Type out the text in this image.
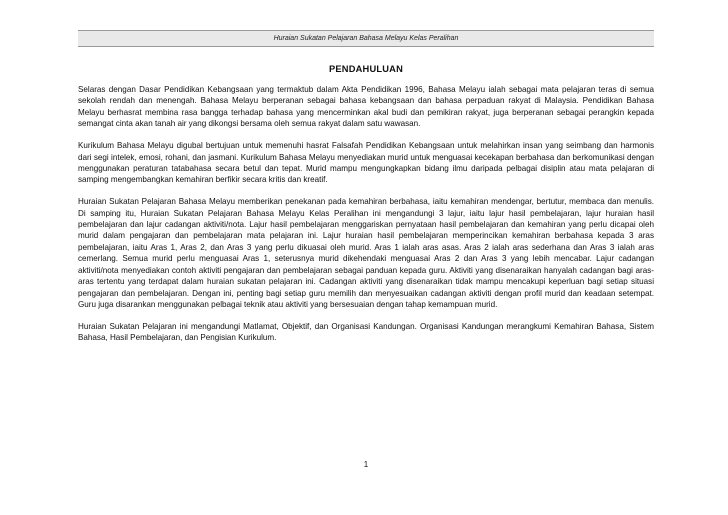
Huraian Sukatan Pelajaran Bahasa Melayu Kelas Peralihan
PENDAHULUAN

Selaras dengan Dasar Pendidikan Kebangsaan yang termaktub dalam Akta Pendidikan 1996, Bahasa Melayu ialah sebagai mata pelajaran teras di semua sekolah rendah dan menengah. Bahasa Melayu berperanan sebagai bahasa kebangsaan dan bahasa perpaduan rakyat di Malaysia. Pendidikan Bahasa Melayu berhasrat membina rasa bangga terhadap bahasa yang mencerminkan akal budi dan pemikiran rakyat, juga berperanan sebagai perangkin kepada semangat cinta akan tanah air yang dikongsi bersama oleh semua rakyat dalam satu wawasan.

Kurikulum Bahasa Melayu digubal bertujuan untuk memenuhi hasrat Falsafah Pendidikan Kebangsaan untuk melahirkan insan yang seimbang dan harmonis dari segi intelek, emosi, rohani, dan jasmani. Kurikulum Bahasa Melayu menyediakan murid untuk menguasai kecekapan berbahasa dan berkomunikasi dengan menggunakan peraturan tatabahasa secara betul dan tepat. Murid mampu mengungkapkan bidang ilmu daripada pelbagai disiplin atau mata pelajaran di samping mengembangkan kemahiran berfikir secara kritis dan kreatif.

Huraian Sukatan Pelajaran Bahasa Melayu memberikan penekanan pada kemahiran berbahasa, iaitu kemahiran mendengar, bertutur, membaca dan menulis. Di samping itu, Huraian Sukatan Pelajaran Bahasa Melayu Kelas Peralihan ini mengandungi 3 lajur, iaitu lajur hasil pembelajaran, lajur huraian hasil pembelajaran dan lajur cadangan aktiviti/nota. Lajur hasil pembelajaran menggariskan pernyataan hasil pembelajaran dan kemahiran yang perlu dicapai oleh murid dalam pengajaran dan pembelajaran mata pelajaran ini. Lajur huraian hasil pembelajaran memperincikan kemahiran berbahasa kepada 3 aras pembelajaran, iaitu Aras 1, Aras 2, dan Aras 3 yang perlu dikuasai oleh murid. Aras 1 ialah aras asas. Aras 2 ialah aras sederhana dan Aras 3 ialah aras cemerlang. Semua murid perlu menguasai Aras 1, seterusnya murid dikehendaki menguasai Aras 2 dan Aras 3 yang lebih mencabar. Lajur cadangan aktiviti/nota menyediakan contoh aktiviti pengajaran dan pembelajaran sebagai panduan kepada guru. Aktiviti yang disenaraikan hanyalah cadangan bagi aras-aras tertentu yang terdapat dalam huraian sukatan pelajaran ini. Cadangan aktiviti yang disenaraikan tidak mampu mencakupi keperluan bagi setiap situasi pengajaran dan pembelajaran. Dengan ini, penting bagi setiap guru memilih dan menyesuaikan cadangan aktiviti dengan profil murid dan keadaan setempat. Guru juga disarankan menggunakan pelbagai teknik atau aktiviti yang bersesuaian dengan tahap kemampuan murid.

Huraian Sukatan Pelajaran ini mengandungi Matlamat, Objektif, dan Organisasi Kandungan. Organisasi Kandungan merangkumi Kemahiran Bahasa, Sistem Bahasa, Hasil Pembelajaran, dan Pengisian Kurikulum.

1
